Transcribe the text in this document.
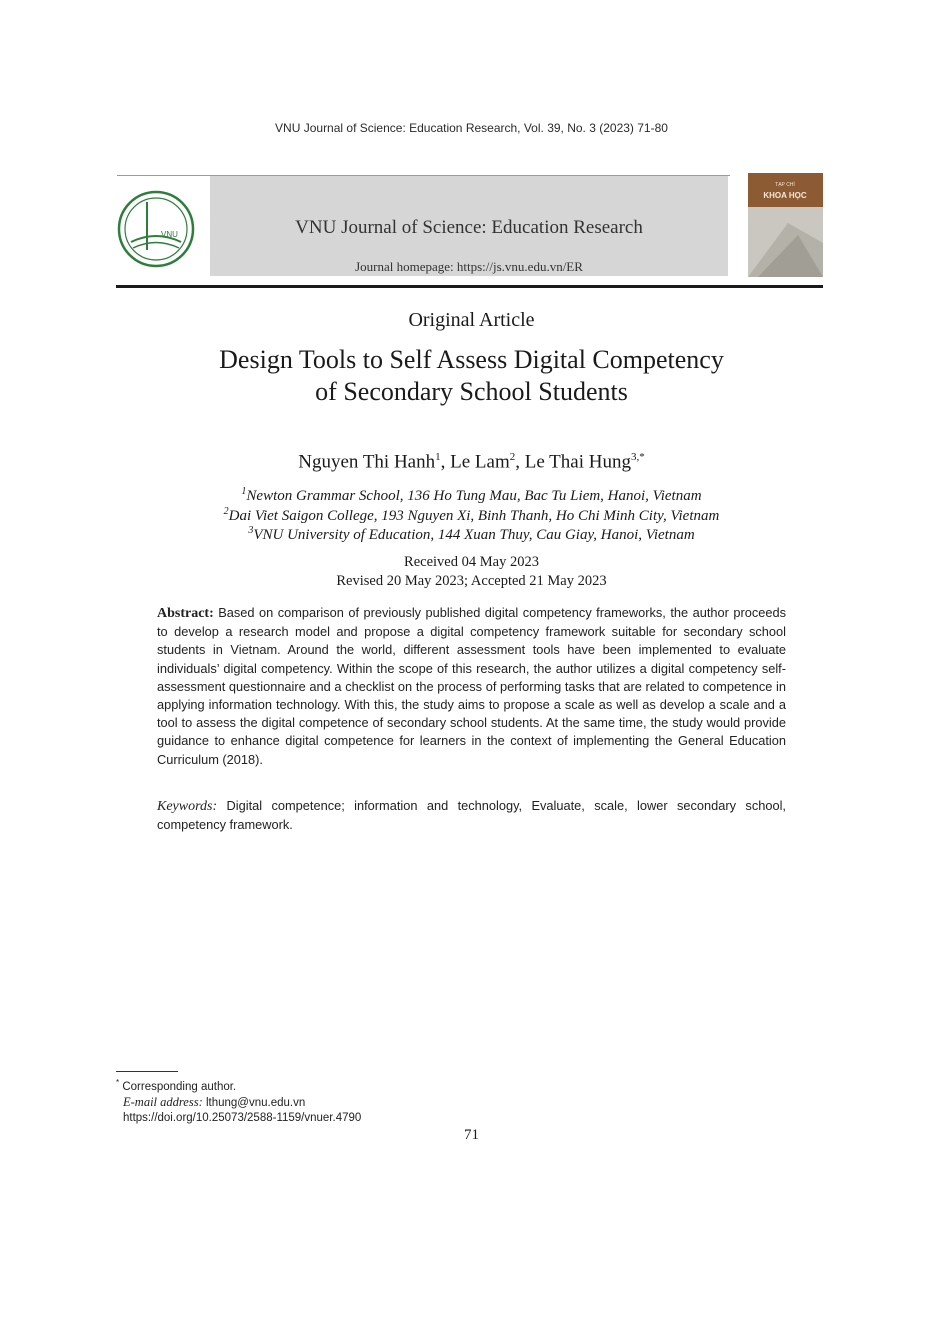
VNU Journal of Science: Education Research, Vol. 39, No. 3 (2023) 71-80
VNU	VNU Journal of Science: Education Research
Journal homepage: https://js.vnu.edu.vn/ER
TẠP CHÍ
KHOA HỌC
Original Article
Design Tools to Self Assess Digital Competency
of Secondary School Students
Nguyen Thi Hanh$^1$, Le Lam$^2$, Le Thai Hung$^{3,*}$
$^1$Newton Grammar School, 136 Ho Tung Mau, Bac Tu Liem, Hanoi, Vietnam
$^2$Dai Viet Saigon College, 193 Nguyen Xi, Binh Thanh, Ho Chi Minh City, Vietnam
$^3$VNU University of Education, 144 Xuan Thuy, Cau Giay, Hanoi, Vietnam
Received 04 May 2023
Revised 20 May 2023; Accepted 21 May 2023
Abstract: Based on comparison of previously published digital competency frameworks, the author proceeds to develop a research model and propose a digital competency framework suitable for secondary school students in Vietnam. Around the world, different assessment tools have been implemented to evaluate individuals’ digital competency. Within the scope of this research, the author utilizes a digital competency self-assessment questionnaire and a checklist on the process of performing tasks that are related to competence in applying information technology. With this, the study aims to propose a scale as well as develop a scale and a tool to assess the digital competence of secondary school students. At the same time, the study would provide guidance to enhance digital competence for learners in the context of implementing the General Education Curriculum (2018).
Keywords: Digital competence; information and technology, Evaluate, scale, lower secondary school, competency framework.
* Corresponding author.
E-mail address: lthung@vnu.edu.vn
https://doi.org/10.25073/2588-1159/vnuer.4790
71
